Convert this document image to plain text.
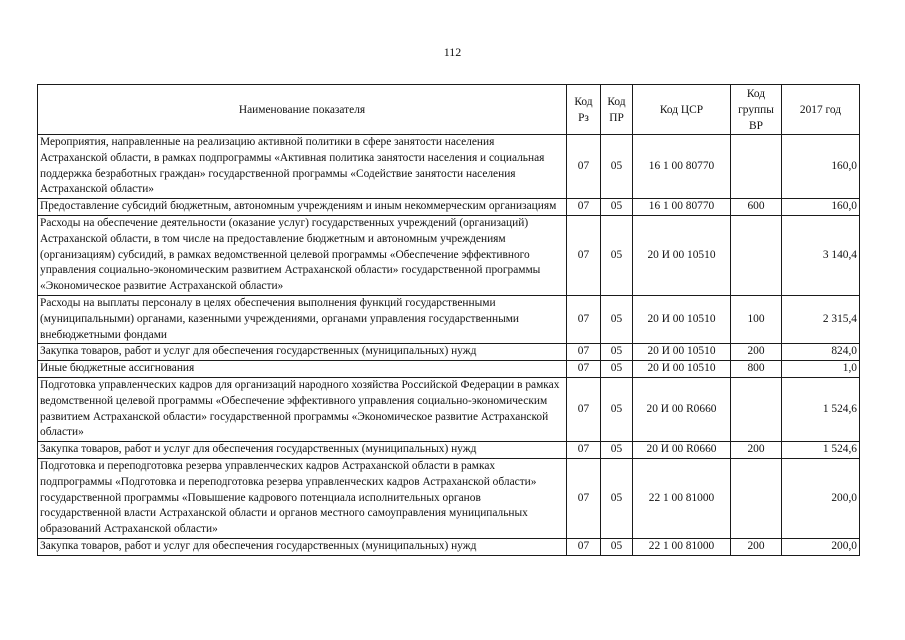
112
Наименование показателя	Код Рз	Код ПР	Код ЦСР	Код группы ВР	2017 год
Мероприятия, направленные на реализацию активной политики в сфере занятости населения Астраханской области, в рамках подпрограммы «Активная политика занятости населения и социальная поддержка безработных граждан» государственной программы «Содействие занятости населения Астраханской области»	07	05	16 1 00 80770		160,0
Предоставление субсидий бюджетным, автономным учреждениям и иным некоммерческим организациям	07	05	16 1 00 80770	600	160,0
Расходы на обеспечение деятельности (оказание услуг) государственных учреждений (организаций) Астраханской области, в том числе на предоставление бюджетным и автономным учреждениям (организациям) субсидий, в рамках ведомственной целевой программы «Обеспечение эффективного управления социально-экономическим развитием Астраханской области» государственной программы «Экономическое развитие Астраханской области»	07	05	20 И 00 10510		3 140,4
Расходы на выплаты персоналу в целях обеспечения выполнения функций государственными (муниципальными) органами, казенными учреждениями, органами управления государственными внебюджетными фондами	07	05	20 И 00 10510	100	2 315,4
Закупка товаров, работ и услуг для обеспечения государственных (муниципальных) нужд	07	05	20 И 00 10510	200	824,0
Иные бюджетные ассигнования	07	05	20 И 00 10510	800	1,0
Подготовка управленческих кадров для организаций народного хозяйства Российской Федерации в рамках ведомственной целевой программы «Обеспечение эффективного управления социально-экономическим развитием Астраханской области» государственной программы «Экономическое развитие Астраханской области»	07	05	20 И 00 R0660		1 524,6
Закупка товаров, работ и услуг для обеспечения государственных (муниципальных) нужд	07	05	20 И 00 R0660	200	1 524,6
Подготовка и переподготовка резерва управленческих кадров Астраханской области в рамках подпрограммы «Подготовка и переподготовка резерва управленческих кадров Астраханской области» государственной программы «Повышение кадрового потенциала исполнительных органов государственной власти Астраханской области и органов местного самоуправления муниципальных образований Астраханской области»	07	05	22 1 00 81000		200,0
Закупка товаров, работ и услуг для обеспечения государственных (муниципальных) нужд	07	05	22 1 00 81000	200	200,0
